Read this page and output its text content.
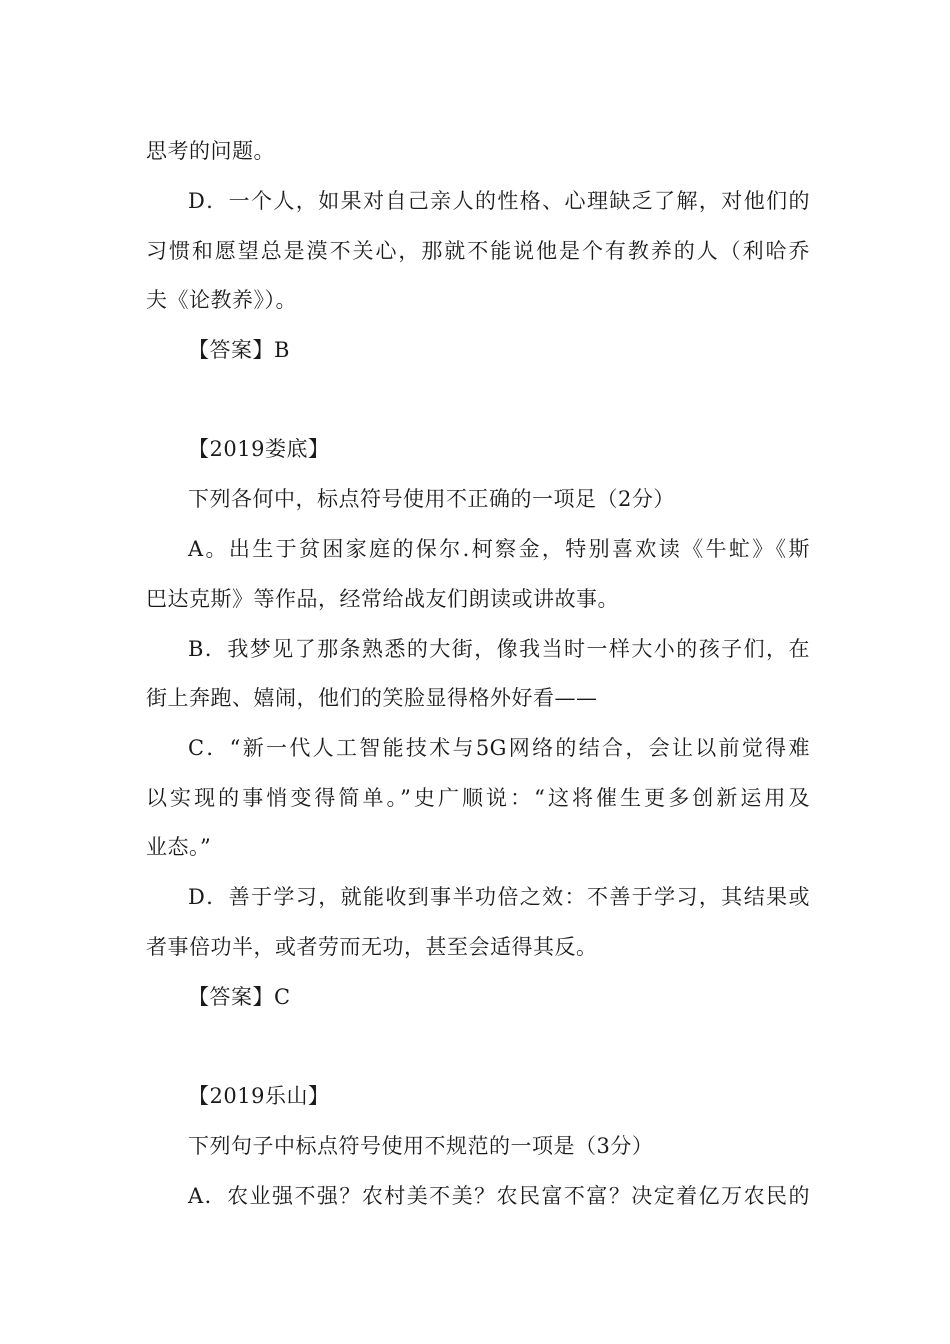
思考的问题。
D．一个人，如果对自己亲人的性格、心理缺乏了解，对他们的
习惯和愿望总是漠不关心，那就不能说他是个有教养的人（利哈乔
夫《论教养》）。
【答案】B
【2019娄底】
下列各何中，标点符号使用不正确的一项足（2分）
A。出生于贫困家庭的保尔.柯察金，特别喜欢读《牛虻》《斯
巴达克斯》等作品，经常给战友们朗读或讲故事。
B．我梦见了那条熟悉的大街，像我当时一样大小的孩子们，在
街上奔跑、嬉闹，他们的笑脸显得格外好看——
C．“新一代人工智能技术与5G网络的结合，会让以前觉得难
以实现的事悄变得简单。”史广顺说：“这将催生更多创新运用及
业态。”
D．善于学习，就能收到事半功倍之效：不善于学习，其结果或
者事倍功半，或者劳而无功，甚至会适得其反。
【答案】C
【2019乐山】
下列句子中标点符号使用不规范的一项是（3分）
A．农业强不强？农村美不美？农民富不富？决定着亿万农民的
